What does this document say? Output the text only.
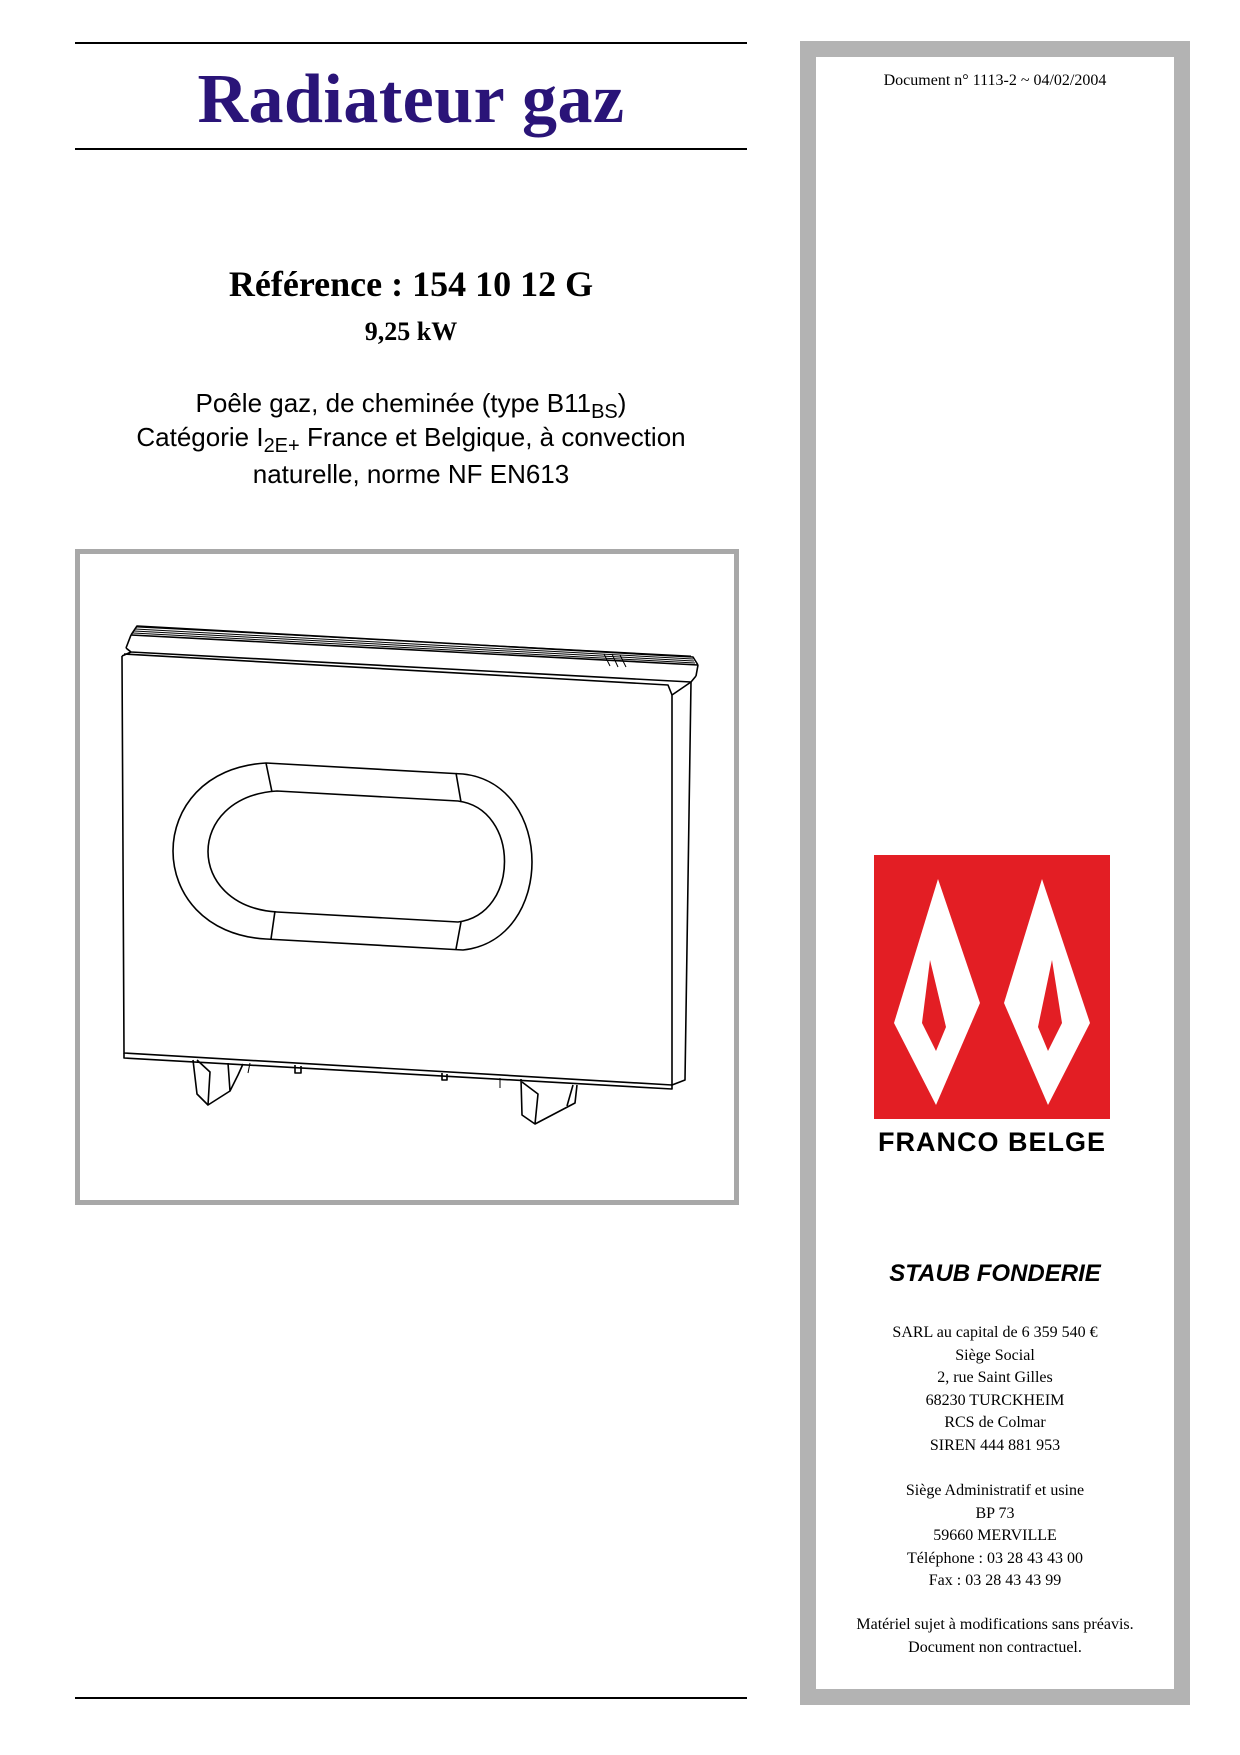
Radiateur gaz
Référence : 154 10 12 G
9,25 kW
Poêle gaz, de cheminée (type $B11_{BS}$)
Catégorie $I_{2E+}$ France et Belgique, à convection
naturelle, norme NF EN613
Document n° 1113-2 ~ 04/02/2004
FRANCO BELGE
STAUB FONDERIE
SARL au capital de 6 359 540 €
Siège Social
2, rue Saint Gilles
68230 TURCKHEIM
RCS de Colmar
SIREN 444 881 953
Siège Administratif et usine
BP 73
59660 MERVILLE
Téléphone : 03 28 43 43 00
Fax : 03 28 43 43 99
Matériel sujet à modifications sans préavis.
Document non contractuel.
